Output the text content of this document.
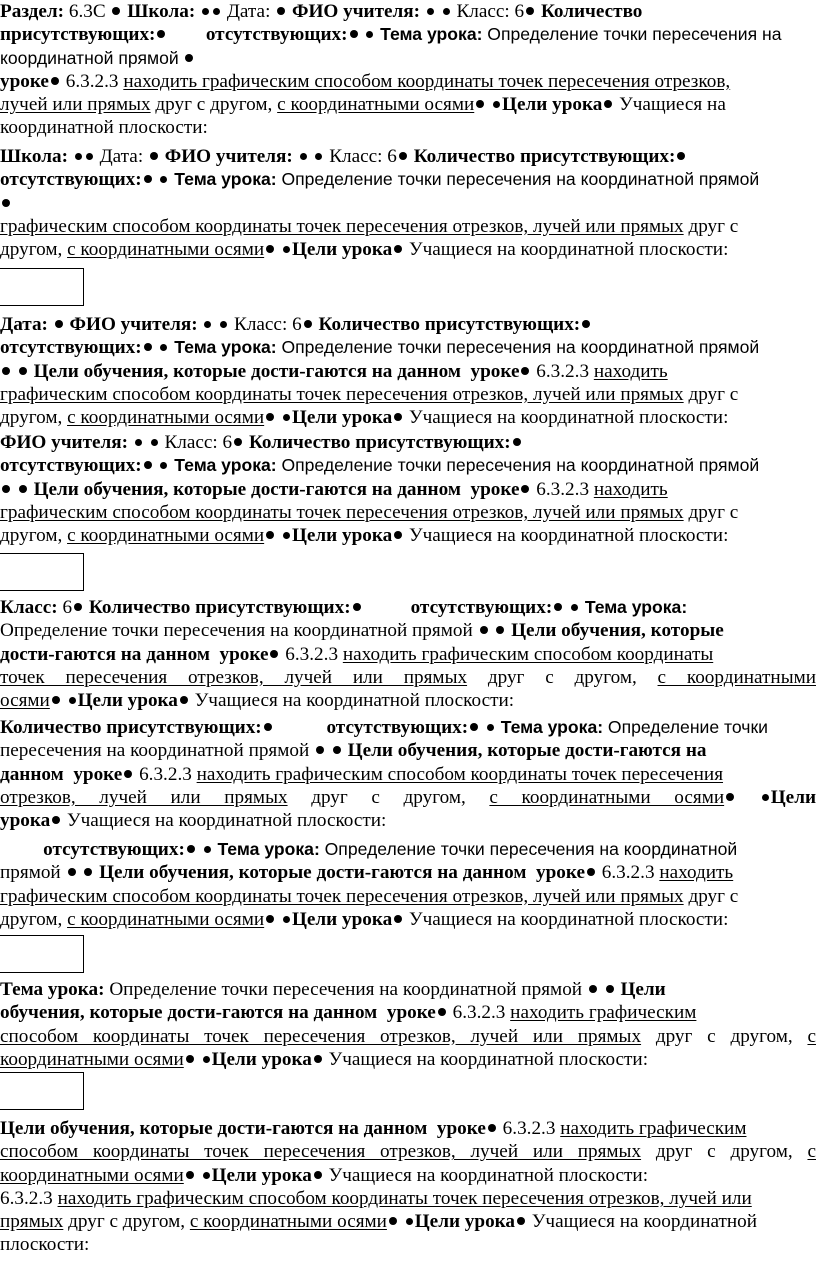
Раздел: 6.3С Школа: Дата:  ФИО учителя: Класс: 6 Количество
присутствующих:	отсутствующих: Тема урока: Определение точки пересечения на
координатной прямой
уроке 6.3.2.3 находить графическим способом координаты точек пересечения отрезков,
лучей или прямых друг с другом, с координатными осями Цели урока Учащиеся на
координатной плоскости:
Школа: Дата:  ФИО учителя: Класс: 6 Количество присутствующих:
отсутствующих: Тема урока: Определение точки пересечения на координатной прямой
графическим способом координаты точек пересечения отрезков, лучей или прямых друг с
другом, с координатными осями Цели урока Учащиеся на координатной плоскости:
Дата: ФИО учителя: Класс: 6 Количество присутствующих:
отсутствующих: Тема урока: Определение точки пересечения на координатной прямой
Цели обучения, которые дости-гаются на данном уроке 6.3.2.3 находить
графическим способом координаты точек пересечения отрезков, лучей или прямых друг с
другом, с координатными осями Цели урока Учащиеся на координатной плоскости:
ФИО учителя: Класс: 6 Количество присутствующих:
отсутствующих: Тема урока: Определение точки пересечения на координатной прямой
Цели обучения, которые дости-гаются на данном уроке 6.3.2.3 находить
графическим способом координаты точек пересечения отрезков, лучей или прямых друг с
другом, с координатными осями Цели урока Учащиеся на координатной плоскости:
Класс: 6 Количество присутствующих:	отсутствующих: Тема урока:
Определение точки пересечения на координатной прямой Цели обучения, которые
дости-гаются на данном уроке 6.3.2.3 находить графическим способом координаты
точек пересечения отрезков, лучей или прямых друг с другом, с координатными
осями Цели урока Учащиеся на координатной плоскости:
Количество присутствующих:	отсутствующих: Тема урока: Определение точки
пересечения на координатной прямой   Цели обучения, которые дости-гаются на
данном уроке 6.3.2.3 находить графическим способом координаты точек пересечения
отрезков, лучей или прямых друг с другом, с координатными осями Цели
урока Учащиеся на координатной плоскости:
отсутствующих: Тема урока: Определение точки пересечения на координатной
прямой   Цели обучения, которые дости-гаются на данном уроке 6.3.2.3 находить
графическим способом координаты точек пересечения отрезков, лучей или прямых друг с
другом, с координатными осями Цели урока Учащиеся на координатной плоскости:
Тема урока: Определение точки пересечения на координатной прямой Цели
обучения, которые дости-гаются на данном уроке 6.3.2.3 находить графическим
способом координаты точек пересечения отрезков, лучей или прямых друг с другом, с
координатными осями Цели урока Учащиеся на координатной плоскости:
Цели обучения, которые дости-гаются на данном уроке 6.3.2.3 находить графическим
способом координаты точек пересечения отрезков, лучей или прямых друг с другом, с
координатными осями Цели урока Учащиеся на координатной плоскости:
6.3.2.3 находить графическим способом координаты точек пересечения отрезков, лучей или
прямых друг с другом, с координатными осями Цели урока Учащиеся на координатной
плоскости:
